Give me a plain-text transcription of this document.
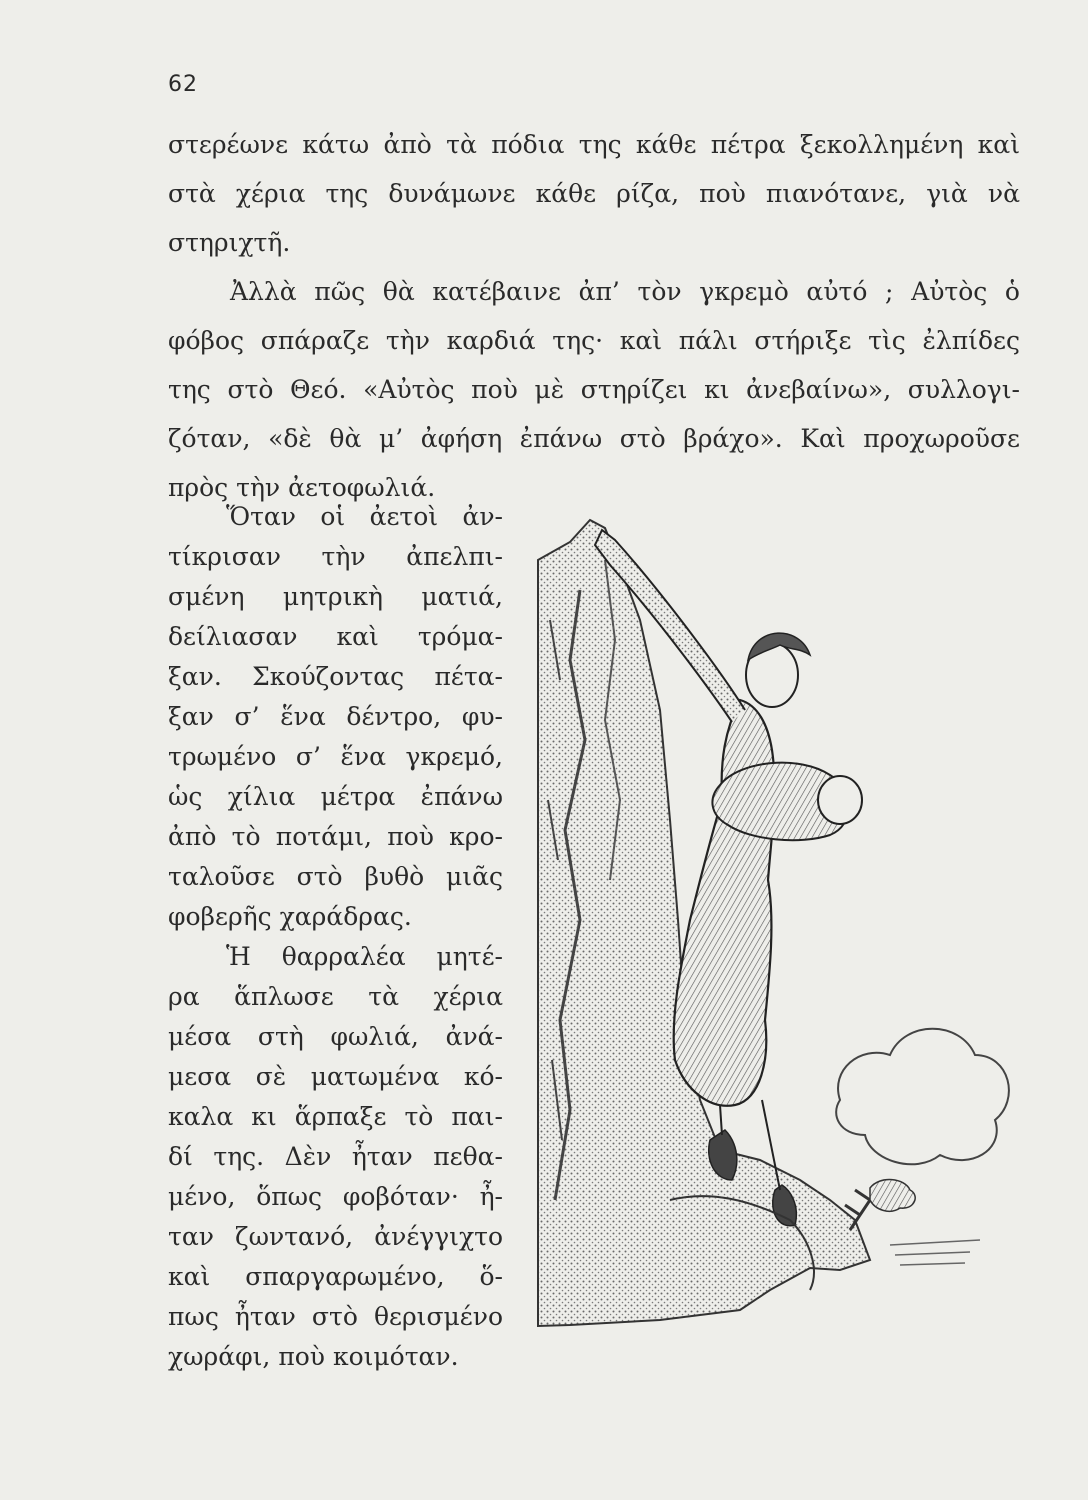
62
στερέωνε κάτω ἀπὸ τὰ πόδια της κάθε πέτρα ξεκολλημένη καὶ
στὰ χέρια της δυνάμωνε κάθε ρίζα, ποὺ πιανότανε, γιὰ νὰ
στηριχτῆ.
Ἀλλὰ πῶς θὰ κατέβαινε ἀπ’ τὸν γκρεμὸ αὐτό ; Αὐτὸς ὁ
φόβος σπάραζε τὴν καρδιά της· καὶ πάλι στήριξε τὶς ἐλπίδες
της στὸ Θεό. «Αὐτὸς ποὺ μὲ στηρίζει κι ἀνεβαίνω», συλλογι-
ζόταν, «δὲ θὰ μ’ ἀφήση ἐπάνω στὸ βράχο». Καὶ προχωροῦσε
πρὸς τὴν ἀετοφωλιά.
Ὅταν οἱ ἀετοὶ ἀν-
τίκρισαν τὴν ἀπελπι-
σμένη μητρικὴ ματιά,
δείλιασαν καὶ τρόμα-
ξαν. Σκούζοντας πέτα-
ξαν σ’ ἕνα δέντρο, φυ-
τρωμένο σ’ ἕνα γκρεμό,
ὡς χίλια μέτρα ἐπάνω
ἀπὸ τὸ ποτάμι, ποὺ κρο-
ταλοῦσε στὸ βυθὸ μιᾶς
φοβερῆς χαράδρας.
Ἡ θαρραλέα μητέ-
ρα ἅπλωσε τὰ χέρια
μέσα στὴ φωλιά, ἀνά-
μεσα σὲ ματωμένα κό-
καλα κι ἅρπαξε τὸ παι-
δί της. Δὲν ἦταν πεθα-
μένο, ὅπως φοβόταν· ἦ-
ταν ζωντανό, ἀνέγγιχτο
καὶ σπαργαρωμένο, ὅ-
πως ἦταν στὸ θερισμένο
χωράφι, ποὺ κοιμόταν.
